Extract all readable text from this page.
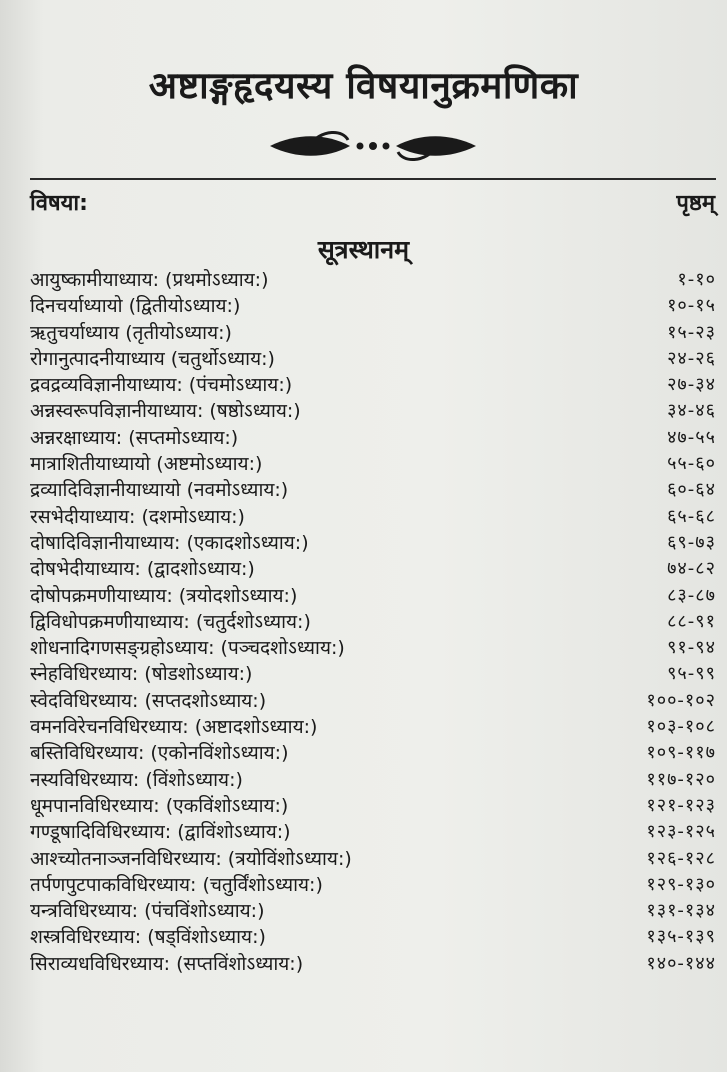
अष्टाङ्गहृदयस्य विषयानुक्रमणिका
विषया:	पृष्ठम्
सूत्रस्थानम्
आयुष्कामीयाध्याय: (प्रथमोऽध्याय:)	१-१०
दिनचर्याध्यायो (द्वितीयोऽध्याय:)	१०-१५
ऋतुचर्याध्याय (तृतीयोऽध्याय:)	१५-२३
रोगानुत्पादनीयाध्याय (चतुर्थोऽध्याय:)	२४-२६
द्रवद्रव्यविज्ञानीयाध्याय: (पंचमोऽध्याय:)	२७-३४
अन्नस्वरूपविज्ञानीयाध्याय: (षष्ठोऽध्याय:)	३४-४६
अन्नरक्षाध्याय: (सप्तमोऽध्याय:)	४७-५५
मात्राशितीयाध्यायो (अष्टमोऽध्याय:)	५५-६०
द्रव्यादिविज्ञानीयाध्यायो (नवमोऽध्याय:)	६०-६४
रसभेदीयाध्याय: (दशमोऽध्याय:)	६५-६८
दोषादिविज्ञानीयाध्याय: (एकादशोऽध्याय:)	६९-७३
दोषभेदीयाध्याय: (द्वादशोऽध्याय:)	७४-८२
दोषोपक्रमणीयाध्याय: (त्रयोदशोऽध्याय:)	८३-८७
द्विविधोपक्रमणीयाध्याय: (चतुर्दशोऽध्याय:)	८८-९१
शोधनादिगणसङ्ग्रहोऽध्याय: (पञ्चदशोऽध्याय:)	९१-९४
स्नेहविधिरध्याय: (षोडशोऽध्याय:)	९५-९९
स्वेदविधिरध्याय: (सप्तदशोऽध्याय:)	१००-१०२
वमनविरेचनविधिरध्याय: (अष्टादशोऽध्याय:)	१०३-१०८
बस्तिविधिरध्याय: (एकोनविंशोऽध्याय:)	१०९-११७
नस्यविधिरध्याय: (विंशोऽध्याय:)	११७-१२०
धूमपानविधिरध्याय: (एकविंशोऽध्याय:)	१२१-१२३
गण्डूषादिविधिरध्याय: (द्वाविंशोऽध्याय:)	१२३-१२५
आश्च्योतनाञ्जनविधिरध्याय: (त्रयोविंशोऽध्याय:)	१२६-१२८
तर्पणपुटपाकविधिरध्याय: (चतुर्विंशोऽध्याय:)	१२९-१३०
यन्त्रविधिरध्याय: (पंचविंशोऽध्याय:)	१३१-१३४
शस्त्रविधिरध्याय: (षड्विंशोऽध्याय:)	१३५-१३९
सिराव्यधविधिरध्याय: (सप्तविंशोऽध्याय:)	१४०-१४४
